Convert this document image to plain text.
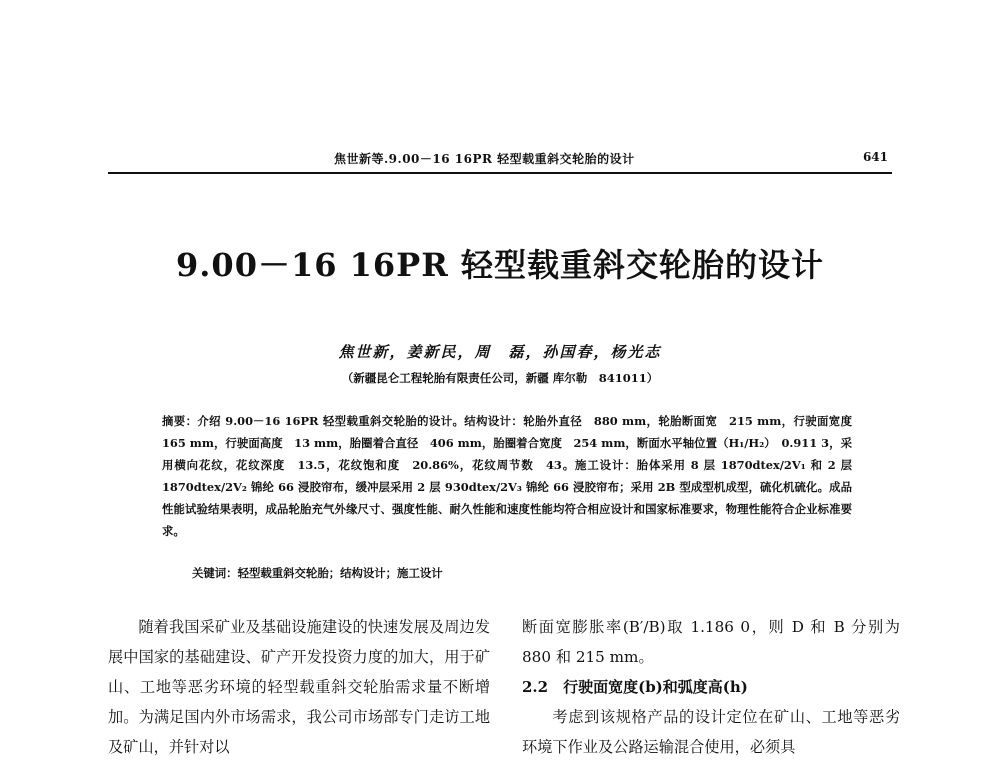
焦世新等.9.00－16 16PR 轻型载重斜交轮胎的设计	641
9.00－16 16PR 轻型载重斜交轮胎的设计

焦世新，姜新民，周　磊，孙国春，杨光志

（新疆昆仑工程轮胎有限责任公司，新疆 库尔勒　841011）

摘要：介绍 9.00－16 16PR 轻型载重斜交轮胎的设计。结构设计：轮胎外直径　880 mm，轮胎断面宽　215 mm，行驶面宽度　165 mm，行驶面高度　13 mm，胎圈着合直径　406 mm，胎圈着合宽度　254 mm，断面水平轴位置（H₁/H₂）　0.911 3，采用横向花纹，花纹深度　13.5，花纹饱和度　20.86%，花纹周节数　43。施工设计：胎体采用 8 层 1870dtex/2V₁ 和 2 层 1870dtex/2V₂ 锦纶 66 浸胶帘布，缓冲层采用 2 层 930dtex/2V₃ 锦纶 66 浸胶帘布；采用 2B 型成型机成型，硫化机硫化。成品性能试验结果表明，成品轮胎充气外缘尺寸、强度性能、耐久性能和速度性能均符合相应设计和国家标准要求，物理性能符合企业标准要求。

关键词：轻型载重斜交轮胎；结构设计；施工设计

随着我国采矿业及基础设施建设的快速发展及周边发展中国家的基础建设、矿产开发投资力度的加大，用于矿山、工地等恶劣环境的轻型载重斜交轮胎需求量不断增加。为满足国内外市场需求，我公司市场部专门走访工地及矿山，并针对以

断面宽膨胀率(B′/B)取 1.186 0，则 D 和 B 分别为 880 和 215 mm。

2.2　行驶面宽度(b)和弧度高(h)

考虑到该规格产品的设计定位在矿山、工地等恶劣环境下作业及公路运输混合使用，必须具
